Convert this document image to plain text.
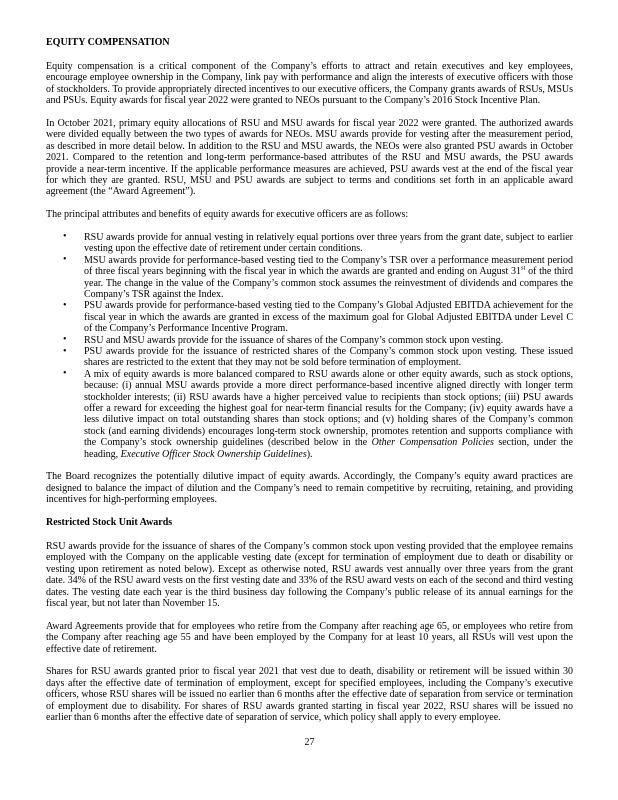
EQUITY COMPENSATION

Equity compensation is a critical component of the Company’s efforts to attract and retain executives and key employees, encourage employee ownership in the Company, link pay with performance and align the interests of executive officers with those of stockholders. To provide appropriately directed incentives to our executive officers, the Company grants awards of RSUs, MSUs and PSUs. Equity awards for fiscal year 2022 were granted to NEOs pursuant to the Company’s 2016 Stock Incentive Plan.

In October 2021, primary equity allocations of RSU and MSU awards for fiscal year 2022 were granted. The authorized awards were divided equally between the two types of awards for NEOs. MSU awards provide for vesting after the measurement period, as described in more detail below. In addition to the RSU and MSU awards, the NEOs were also granted PSU awards in October 2021. Compared to the retention and long-term performance-based attributes of the RSU and MSU awards, the PSU awards provide a near-term incentive. If the applicable performance measures are achieved, PSU awards vest at the end of the fiscal year for which they are granted. RSU, MSU and PSU awards are subject to terms and conditions set forth in an applicable award agreement (the “Award Agreement”).

The principal attributes and benefits of equity awards for executive officers are as follows:

• RSU awards provide for annual vesting in relatively equal portions over three years from the grant date, subject to earlier vesting upon the effective date of retirement under certain conditions.
• MSU awards provide for performance-based vesting tied to the Company’s TSR over a performance measurement period of three fiscal years beginning with the fiscal year in which the awards are granted and ending on August 31st of the third year. The change in the value of the Company’s common stock assumes the reinvestment of dividends and compares the Company’s TSR against the Index.
• PSU awards provide for performance-based vesting tied to the Company’s Global Adjusted EBITDA achievement for the fiscal year in which the awards are granted in excess of the maximum goal for Global Adjusted EBITDA under Level C of the Company’s Performance Incentive Program.
• RSU and MSU awards provide for the issuance of shares of the Company’s common stock upon vesting.
• PSU awards provide for the issuance of restricted shares of the Company’s common stock upon vesting. These issued shares are restricted to the extent that they may not be sold before termination of employment.
• A mix of equity awards is more balanced compared to RSU awards alone or other equity awards, such as stock options, because: (i) annual MSU awards provide a more direct performance-based incentive aligned directly with longer term stockholder interests; (ii) RSU awards have a higher perceived value to recipients than stock options; (iii) PSU awards offer a reward for exceeding the highest goal for near-term financial results for the Company; (iv) equity awards have a less dilutive impact on total outstanding shares than stock options; and (v) holding shares of the Company’s common stock (and earning dividends) encourages long-term stock ownership, promotes retention and supports compliance with the Company’s stock ownership guidelines (described below in the Other Compensation Policies section, under the heading, Executive Officer Stock Ownership Guidelines).

The Board recognizes the potentially dilutive impact of equity awards. Accordingly, the Company’s equity award practices are designed to balance the impact of dilution and the Company’s need to remain competitive by recruiting, retaining, and providing incentives for high-performing employees.

Restricted Stock Unit Awards

RSU awards provide for the issuance of shares of the Company’s common stock upon vesting provided that the employee remains employed with the Company on the applicable vesting date (except for termination of employment due to death or disability or vesting upon retirement as noted below). Except as otherwise noted, RSU awards vest annually over three years from the grant date. 34% of the RSU award vests on the first vesting date and 33% of the RSU award vests on each of the second and third vesting dates. The vesting date each year is the third business day following the Company’s public release of its annual earnings for the fiscal year, but not later than November 15.

Award Agreements provide that for employees who retire from the Company after reaching age 65, or employees who retire from the Company after reaching age 55 and have been employed by the Company for at least 10 years, all RSUs will vest upon the effective date of retirement.

Shares for RSU awards granted prior to fiscal year 2021 that vest due to death, disability or retirement will be issued within 30 days after the effective date of termination of employment, except for specified employees, including the Company’s executive officers, whose RSU shares will be issued no earlier than 6 months after the effective date of separation from service or termination of employment due to disability. For shares of RSU awards granted starting in fiscal year 2022, RSU shares will be issued no earlier than 6 months after the effective date of separation of service, which policy shall apply to every employee.

27
